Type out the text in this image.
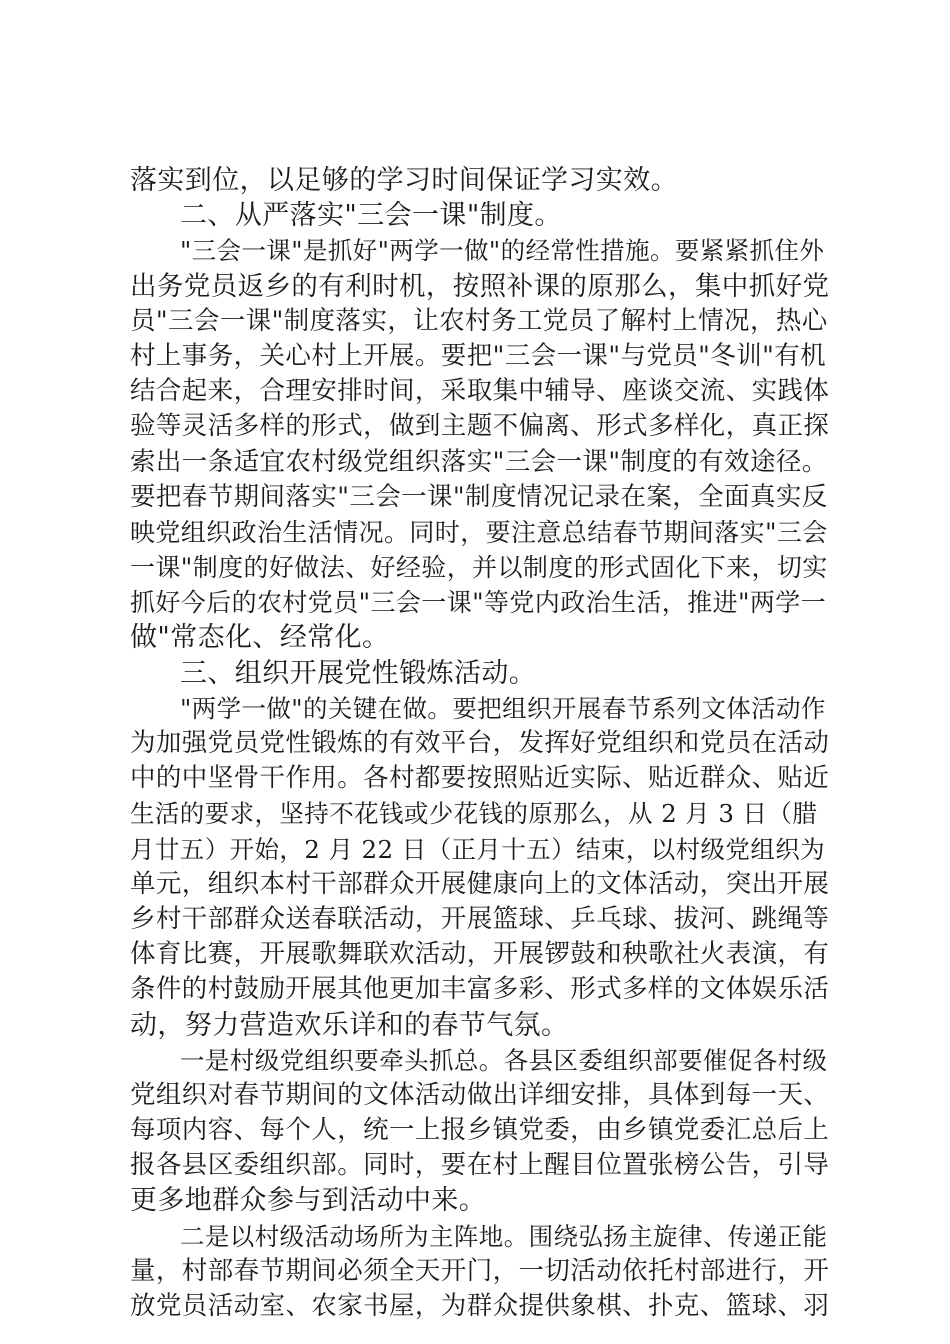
落实到位，以足够的学习时间保证学习实效。
二、从严落实"三会一课"制度。
"三会一课"是抓好"两学一做"的经常性措施。要紧紧抓住外
出务党员返乡的有利时机，按照补课的原那么，集中抓好党
员"三会一课"制度落实，让农村务工党员了解村上情况，热心
村上事务，关心村上开展。要把"三会一课"与党员"冬训"有机
结合起来，合理安排时间，采取集中辅导、座谈交流、实践体
验等灵活多样的形式，做到主题不偏离、形式多样化，真正探
索出一条适宜农村级党组织落实"三会一课"制度的有效途径。
要把春节期间落实"三会一课"制度情况记录在案，全面真实反
映党组织政治生活情况。同时，要注意总结春节期间落实"三会
一课"制度的好做法、好经验，并以制度的形式固化下来，切实
抓好今后的农村党员"三会一课"等党内政治生活，推进"两学一
做"常态化、经常化。
三、组织开展党性锻炼活动。
"两学一做"的关键在做。要把组织开展春节系列文体活动作
为加强党员党性锻炼的有效平台，发挥好党组织和党员在活动
中的中坚骨干作用。各村都要按照贴近实际、贴近群众、贴近
生活的要求，坚持不花钱或少花钱的原那么，从 2 月 3 日（腊
月廿五）开始，2 月 22 日（正月十五）结束，以村级党组织为
单元，组织本村干部群众开展健康向上的文体活动，突出开展
乡村干部群众送春联活动，开展篮球、乒乓球、拔河、跳绳等
体育比赛，开展歌舞联欢活动，开展锣鼓和秧歌社火表演，有
条件的村鼓励开展其他更加丰富多彩、形式多样的文体娱乐活
动，努力营造欢乐详和的春节气氛。
一是村级党组织要牵头抓总。各县区委组织部要催促各村级
党组织对春节期间的文体活动做出详细安排，具体到每一天、
每项内容、每个人，统一上报乡镇党委，由乡镇党委汇总后上
报各县区委组织部。同时，要在村上醒目位置张榜公告，引导
更多地群众参与到活动中来。
二是以村级活动场所为主阵地。围绕弘扬主旋律、传递正能
量，村部春节期间必须全天开门，一切活动依托村部进行，开
放党员活动室、农家书屋，为群众提供象棋、扑克、篮球、羽
